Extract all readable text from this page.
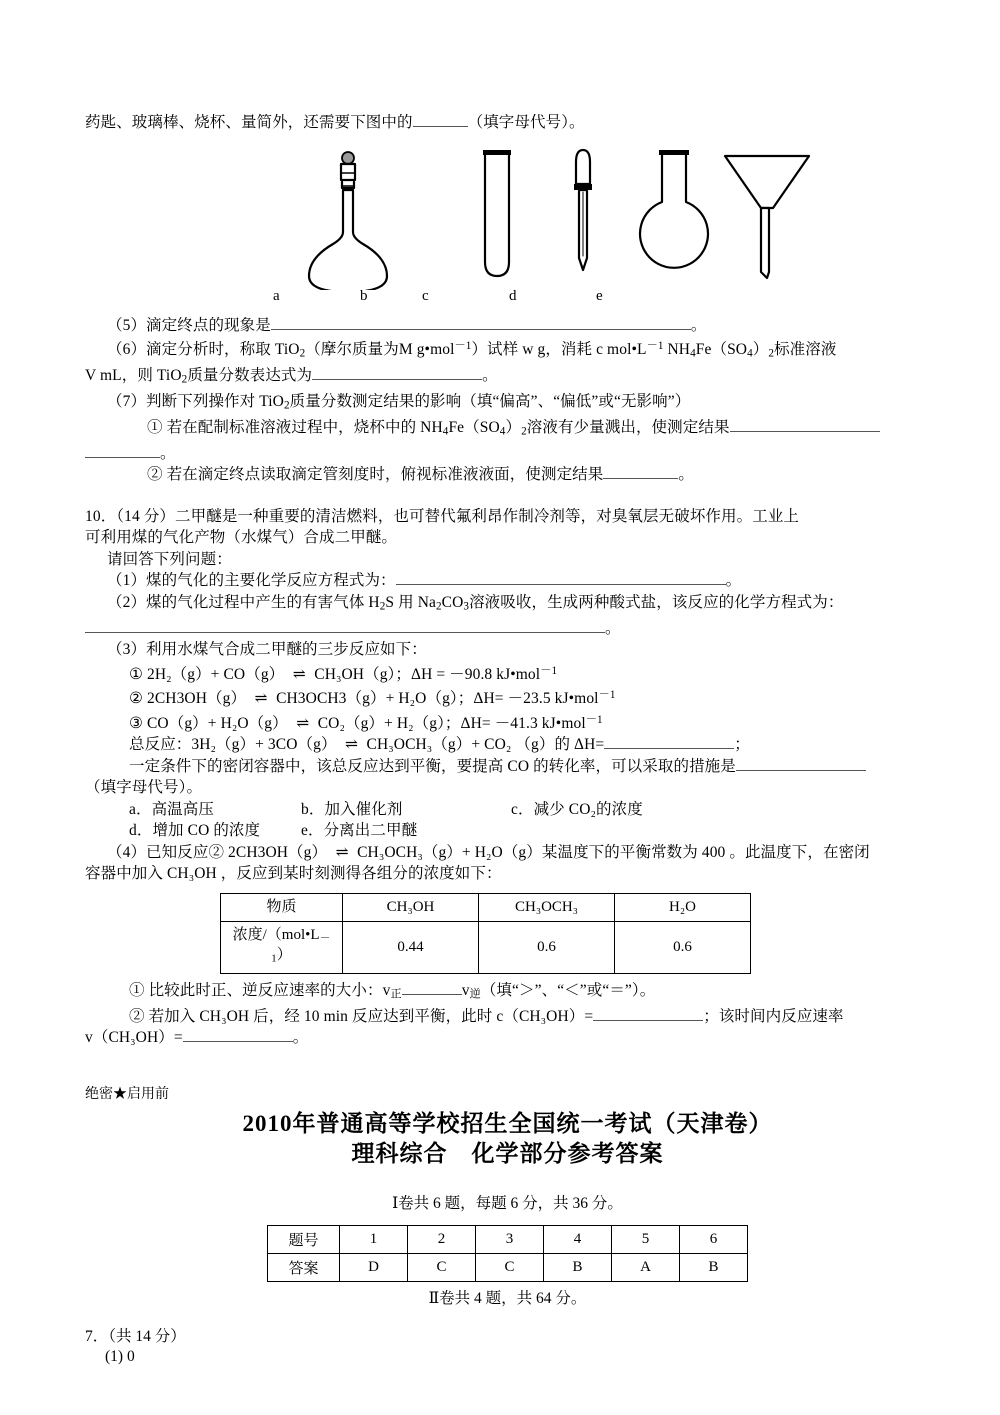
药匙、玻璃棒、烧杯、量简外，还需要下图中的	（填字母代号）。
a	b	c	d	e
（5）滴定终点的现象是	。
（6）滴定分析时，称取 TiO$_2$（摩尔质量为M g•mol$^{-1}$）试样 w g，消耗 c $mol•L^{-1}$ $NH_4Fe(SO_4)_2$标准溶液
V mL，则 TiO$_2$质量分数表达式为	。
（7）判断下列操作对 TiO$_2$质量分数测定结果的影响（填“偏高”、“偏低”或“无影响”）
① 若在配制标准溶液过程中，烧杯中的 $NH_4Fe(SO_4)_2$溶液有少量溅出，使测定结果
。
② 若在滴定终点读取滴定管刻度时，俯视标准液液面，使测定结果	。
10．（14 分）二甲醚是一种重要的清洁燃料，也可替代氟利昂作制冷剂等，对臭氧层无破坏作用。工业上
可利用煤的气化产物（水煤气）合成二甲醚。
请回答下列问题：
（1）煤的气化的主要化学反应方程式为：	。
（2）煤的气化过程中产生的有害气体 $H_2S$ 用 $Na_2CO_3$溶液吸收，生成两种酸式盐，该反应的化学方程式为：
。
（3）利用水煤气合成二甲醚的三步反应如下：
① 2H₂（g）+ CO（g） ⇌ CH₃OH（g）；ΔH = －90.8 kJ•mol$^{-1}$
② 2CH3OH（g） ⇌ CH3OCH3（g）+ H₂O（g）；ΔH= －23.5 kJ•mol$^{-1}$
③ CO（g）+ H₂O（g） ⇌ CO₂（g）+ H₂（g）；ΔH= －41.3 kJ•mol$^{-1}$
总反应：3H₂（g）+ 3CO（g） ⇌ CH₃OCH₃（g）+ CO₂ （g）的 ΔH=	；
一定条件下的密闭容器中，该总反应达到平衡，要提高 CO 的转化率，可以采取的措施是
（填字母代号）。
a．高温高压	b．加入催化剂	c．减少 CO₂的浓度
d．增加 CO 的浓度	e．分离出二甲醚
（4）已知反应② 2CH3OH（g） ⇌ CH₃OCH₃（g）+ H₂O（g）某温度下的平衡常数为 400 。此温度下，在密闭
容器中加入 CH₃OH ，反应到某时刻测得各组分的浓度如下：
物质	CH₃OH	CH₃OCH₃	H₂O
浓度$/(mol•L_{-1})$	0.44	0.6	0.6
① 比较此时正、逆反应速率的大小：$v_正$	$v_逆$（填“＞”、“＜”或“＝”）。
② 若加入 CH₃OH 后，经 10 min 反应达到平衡，此时 c（CH₃OH）=	；该时间内反应速率
v（CH₃OH）=	。
绝密★启用前
2010年普通高等学校招生全国统一考试（天津卷）
理科综合　化学部分参考答案
Ⅰ卷共 6 题，每题 6 分，共 36 分。
题号	1	2	3	4	5	6
答案	D	C	C	B	A	B
Ⅱ卷共 4 题，共 64 分。
7．（共 14 分）
(1) 0
